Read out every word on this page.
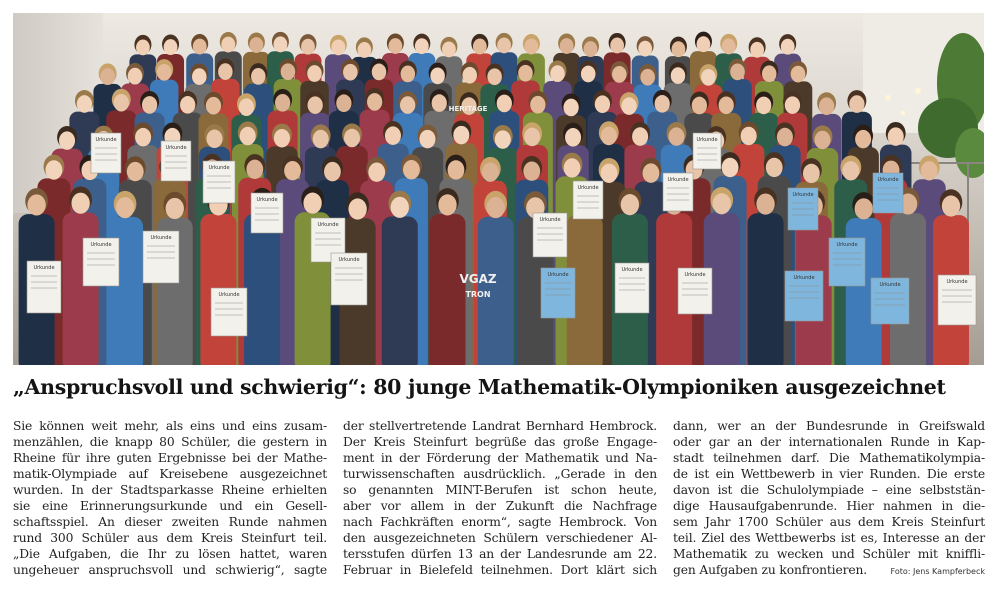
Urkunde
Urkunde
Urkunde
Urkunde
Urkunde
Urkunde
Urkunde
Urkunde
Urkunde
Urkunde
Urkunde
Urkunde
Urkunde
Urkunde
Urkunde
Urkunde
Urkunde	Urkunde
Urkunde
Urkunde
Urkunde
Urkunde
Urkunde
HERITAGE
VGAZ
TRON
„Anspruchsvoll und schwierig“: 80 junge Mathematik-Olympioniken ausgezeichnet
Sie können weit mehr, als eins und eins zusam-
menzählen, die knapp 80 Schüler, die gestern in
Rheine für ihre guten Ergebnisse bei der Mathe-
matik-Olympiade auf Kreisebene ausgezeichnet
wurden. In der Stadtsparkasse Rheine erhielten
sie eine Erinnerungsurkunde und ein Gesell-
schaftsspiel. An dieser zweiten Runde nahmen
rund 300 Schüler aus dem Kreis Steinfurt teil.
„Die Aufgaben, die Ihr zu lösen hattet, waren
ungeheuer anspruchsvoll und schwierig“, sagte
der stellvertretende Landrat Bernhard Hembrock.
Der Kreis Steinfurt begrüße das große Engage-
ment in der Förderung der Mathematik und Na-
turwissenschaften ausdrücklich. „Gerade in den
so genannten MINT-Berufen ist schon heute,
aber vor allem in der Zukunft die Nachfrage
nach Fachkräften enorm“, sagte Hembrock. Von
den ausgezeichneten Schülern verschiedener Al-
tersstufen dürfen 13 an der Landesrunde am 22.
Februar in Bielefeld teilnehmen. Dort klärt sich
dann, wer an der Bundesrunde in Greifswald
oder gar an der internationalen Runde in Kap-
stadt teilnehmen darf. Die Mathematikolympia-
de ist ein Wettbewerb in vier Runden. Die erste
davon ist die Schulolympiade – eine selbststän-
dige Hausaufgabenrunde. Hier nahmen in die-
sem Jahr 1700 Schüler aus dem Kreis Steinfurt
teil. Ziel des Wettbewerbs ist es, Interesse an der
Mathematik zu wecken und Schüler mit kniffli-
gen Aufgaben zu konfrontieren.	Foto: Jens Kampferbeck
